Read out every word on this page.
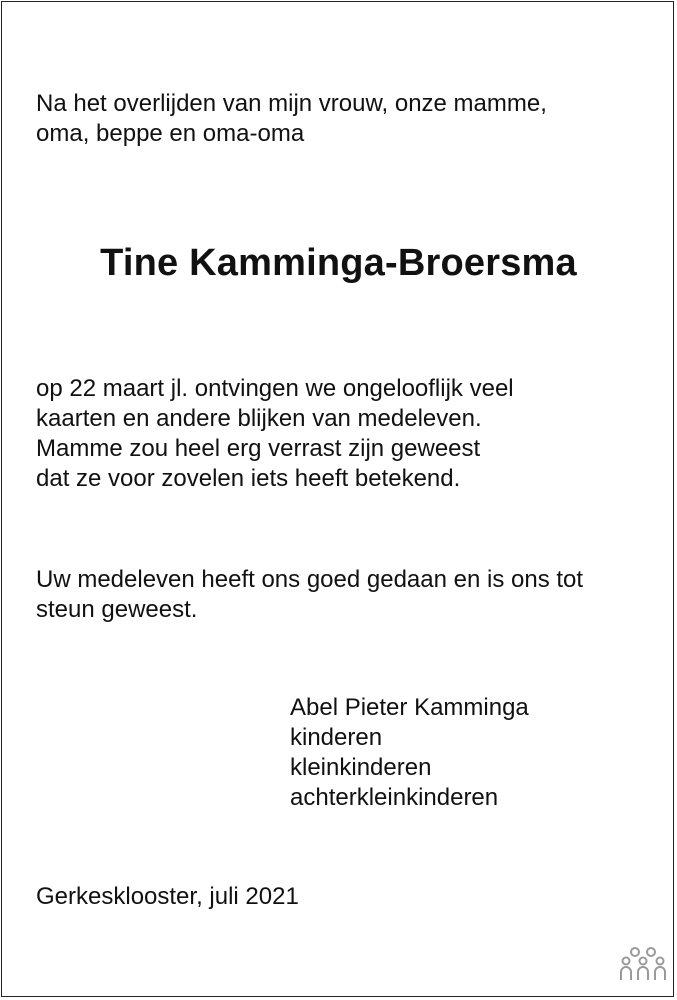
Na het overlijden van mijn vrouw, onze mamme,
oma, beppe en oma-oma
Tine Kamminga-Broersma
op 22 maart jl. ontvingen we ongelooflijk veel
kaarten en andere blijken van medeleven.
Mamme zou heel erg verrast zijn geweest
dat ze voor zovelen iets heeft betekend.
Uw medeleven heeft ons goed gedaan en is ons tot
steun geweest.
Abel Pieter Kamminga
kinderen
kleinkinderen
achterkleinkinderen
Gerkesklooster, juli 2021
